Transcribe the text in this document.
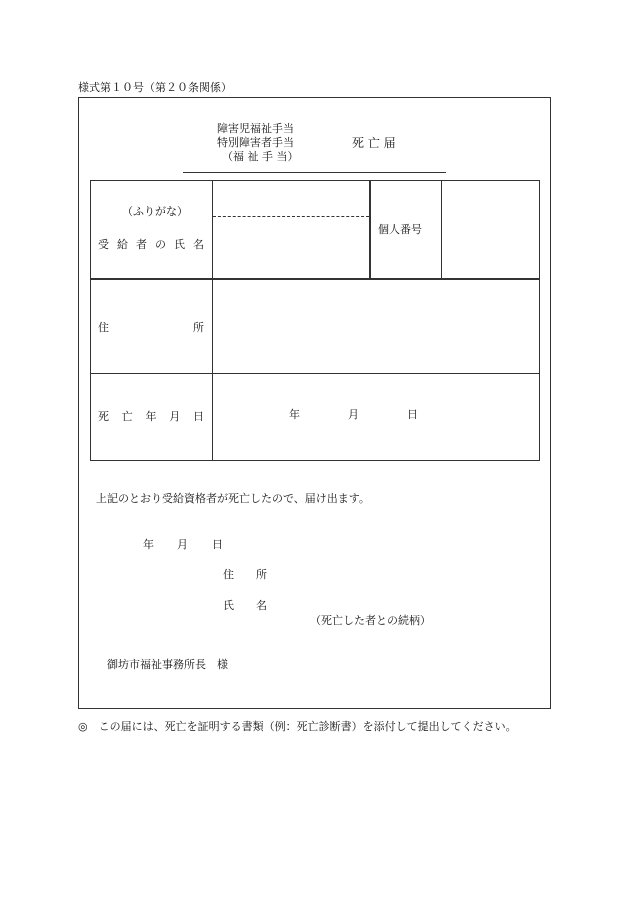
様式第１０号（第２０条関係）
障害児福祉手当
特別障害者手当
（福 祉 手 当）
死 亡 届
（ふりがな）
受 給 者 の 氏 名
個人番号
住	所
死 亡 年 月 日	年	月	日
上記のとおり受給資格者が死亡したので、届け出ます。
年 月 日
住　　所
氏　　名
（死亡した者との続柄）
御坊市福祉事務所長　様
◎　この届には、死亡を証明する書類（例：死亡診断書）を添付して提出してください。
